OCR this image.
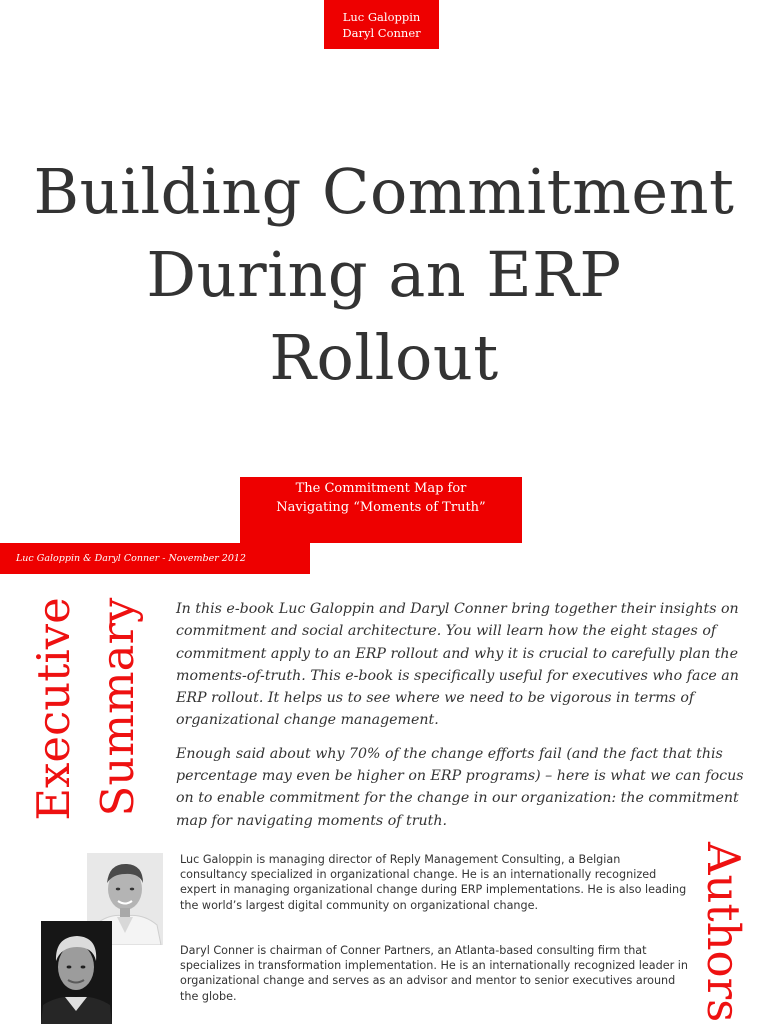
Luc Galoppin
Daryl Conner
Building Commitment
During an ERP
Rollout
The Commitment Map for
Navigating “Moments of Truth”
Luc Galoppin & Daryl Conner - November 2012
Executive Summary In this e-book Luc Galoppin and Daryl Conner bring together their insights on commitment and social architecture. You will learn how the eight stages of commitment apply to an ERP rollout and why it is crucial to carefully plan the moments-of-truth. This e-book is specifically useful for executives who face an ERP rollout. It helps us to see where we need to be vigorous in terms of organizational change management.

Enough said about why 70% of the change efforts fail (and the fact that this percentage may even be higher on ERP programs) – here is what we can focus on to enable commitment for the change in our organization: the commitment map for navigating moments of truth.

Luc Galoppin is managing director of Reply Management Consulting, a Belgian consultancy specialized in organizational change. He is an internationally recognized expert in managing organizational change during ERP implementations. He is also leading the world’s largest digital community on organizational change.
Daryl Conner is chairman of Conner Partners, an Atlanta-based consulting firm that specializes in transformation implementation. He is an internationally recognized leader in organizational change and serves as an advisor and mentor to senior executives around the globe.	Authors
